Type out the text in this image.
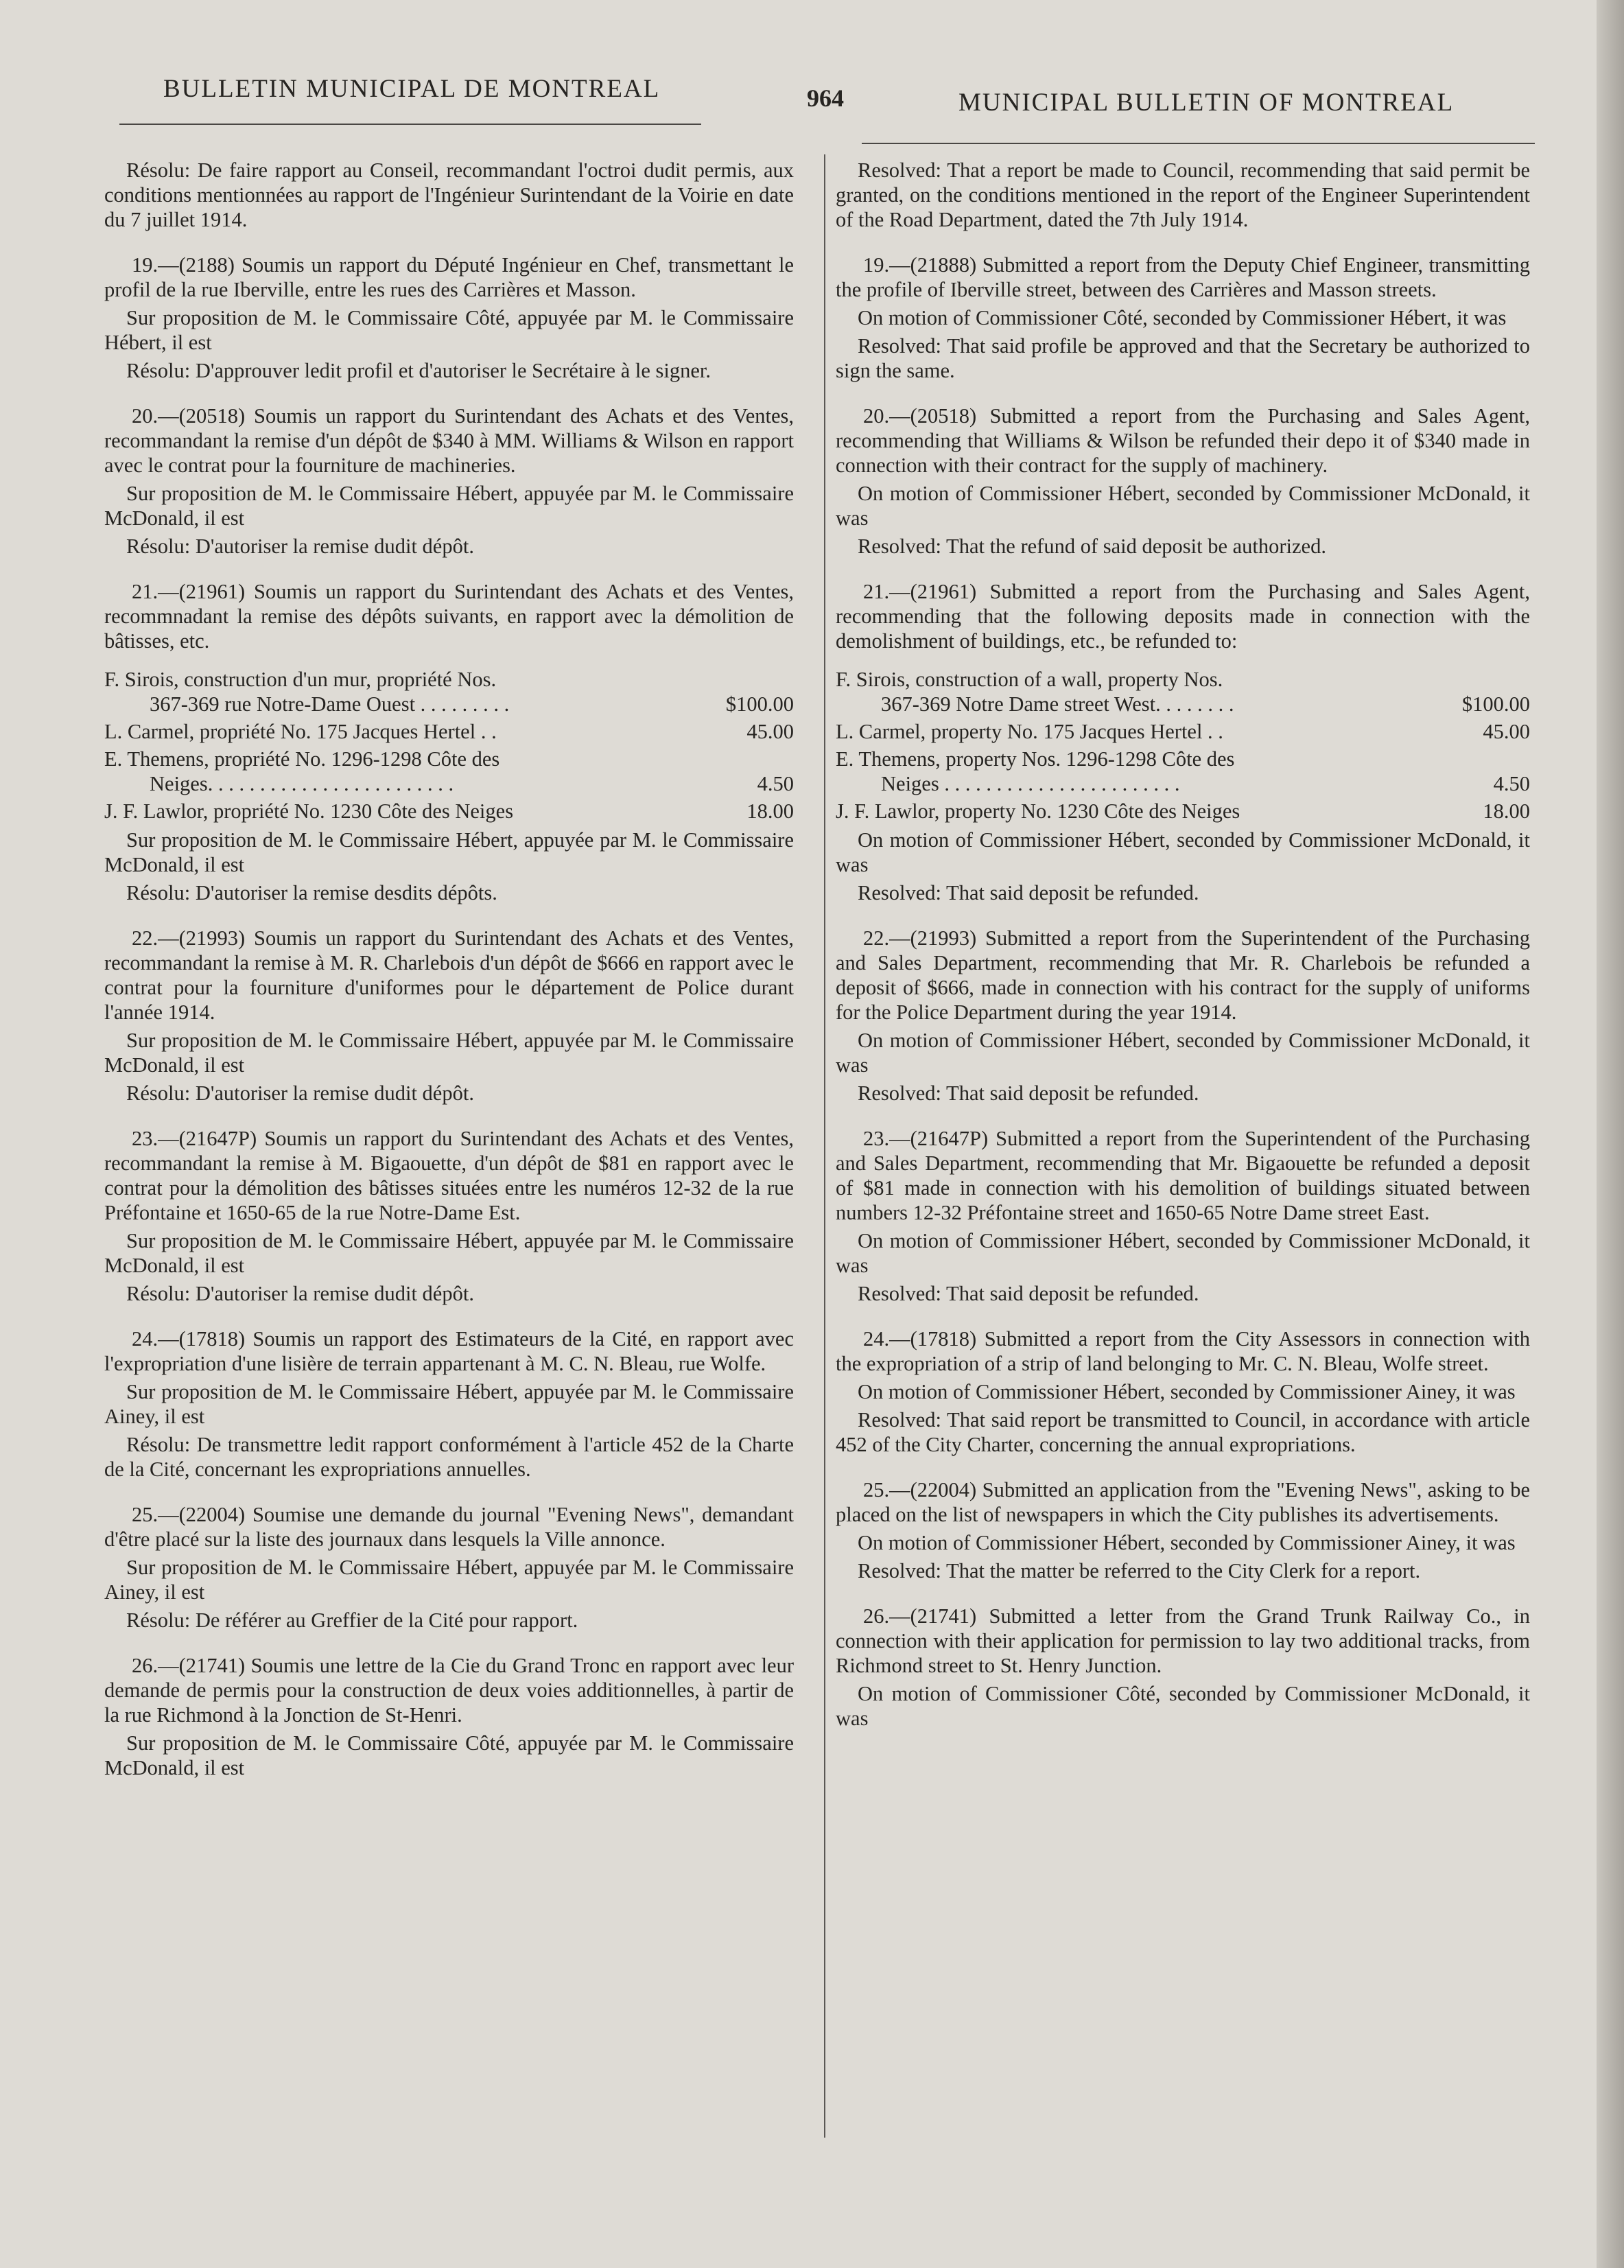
BULLETIN MUNICIPAL DE MONTREAL	964	MUNICIPAL BULLETIN OF MONTREAL

Résolu: De faire rapport au Conseil, recommandant l'octroi dudit permis, aux conditions mentionnées au rapport de l'Ingénieur Surintendant de la Voirie en date du 7 juillet 1914.

19.—(2188) Soumis un rapport du Député Ingénieur en Chef, transmettant le profil de la rue Iberville, entre les rues des Carrières et Masson.

Sur proposition de M. le Commissaire Côté, appuyée par M. le Commissaire Hébert, il est

Résolu: D'approuver ledit profil et d'autoriser le Secrétaire à le signer.

20.—(20518) Soumis un rapport du Surintendant des Achats et des Ventes, recommandant la remise d'un dépôt de $340 à MM. Williams & Wilson en rapport avec le contrat pour la fourniture de machineries.

Sur proposition de M. le Commissaire Hébert, appuyée par M. le Commissaire McDonald, il est

Résolu: D'autoriser la remise dudit dépôt.

21.—(21961) Soumis un rapport du Surintendant des Achats et des Ventes, recommnadant la remise des dépôts suivants, en rapport avec la démolition de bâtisses, etc.

F. Sirois, construction d'un mur, propriété Nos.
367-369 rue Notre-Dame Ouest . . . . . . . . .	$100.00
L. Carmel, propriété No. 175 Jacques Hertel . .	45.00
E. Themens, propriété No. 1296-1298 Côte des
Neiges. . . . . . . . . . . . . . . . . . . . . . . .	4.50
J. F. Lawlor, propriété No. 1230 Côte des Neiges	18.00

Sur proposition de M. le Commissaire Hébert, appuyée par M. le Commissaire McDonald, il est

Résolu: D'autoriser la remise desdits dépôts.

22.—(21993) Soumis un rapport du Surintendant des Achats et des Ventes, recommandant la remise à M. R. Charlebois d'un dépôt de $666 en rapport avec le contrat pour la fourniture d'uniformes pour le département de Police durant l'année 1914.

Sur proposition de M. le Commissaire Hébert, appuyée par M. le Commissaire McDonald, il est

Résolu: D'autoriser la remise dudit dépôt.

23.—(21647P) Soumis un rapport du Surintendant des Achats et des Ventes, recommandant la remise à M. Bigaouette, d'un dépôt de $81 en rapport avec le contrat pour la démolition des bâtisses situées entre les numéros 12-32 de la rue Préfontaine et 1650-65 de la rue Notre-Dame Est.

Sur proposition de M. le Commissaire Hébert, appuyée par M. le Commissaire McDonald, il est

Résolu: D'autoriser la remise dudit dépôt.

24.—(17818) Soumis un rapport des Estimateurs de la Cité, en rapport avec l'expropriation d'une lisière de terrain appartenant à M. C. N. Bleau, rue Wolfe.

Sur proposition de M. le Commissaire Hébert, appuyée par M. le Commissaire Ainey, il est

Résolu: De transmettre ledit rapport conformément à l'article 452 de la Charte de la Cité, concernant les expropriations annuelles.

25.—(22004) Soumise une demande du journal "Evening News", demandant d'être placé sur la liste des journaux dans lesquels la Ville annonce.

Sur proposition de M. le Commissaire Hébert, appuyée par M. le Commissaire Ainey, il est

Résolu: De référer au Greffier de la Cité pour rapport.

26.—(21741) Soumis une lettre de la Cie du Grand Tronc en rapport avec leur demande de permis pour la construction de deux voies additionnelles, à partir de la rue Richmond à la Jonction de St-Henri.

Sur proposition de M. le Commissaire Côté, appuyée par M. le Commissaire McDonald, il est

Resolved: That a report be made to Council, recommending that said permit be granted, on the conditions mentioned in the report of the Engineer Superintendent of the Road Department, dated the 7th July 1914.

19.—(21888) Submitted a report from the Deputy Chief Engineer, transmitting the profile of Iberville street, between des Carrières and Masson streets.

On motion of Commissioner Côté, seconded by Commissioner Hébert, it was

Resolved: That said profile be approved and that the Secretary be authorized to sign the same.

20.—(20518) Submitted a report from the Purchasing and Sales Agent, recommending that Williams & Wilson be refunded their depo it of $340 made in connection with their contract for the supply of machinery.

On motion of Commissioner Hébert, seconded by Commissioner McDonald, it was

Resolved: That the refund of said deposit be authorized.

21.—(21961) Submitted a report from the Purchasing and Sales Agent, recommending that the following deposits made in connection with the demolishment of buildings, etc., be refunded to:

F. Sirois, construction of a wall, property Nos.
367-369 Notre Dame street West. . . . . . . .	$100.00
L. Carmel, property No. 175 Jacques Hertel . .	45.00
E. Themens, property Nos. 1296-1298 Côte des
Neiges . . . . . . . . . . . . . . . . . . . . . . .	4.50
J. F. Lawlor, property No. 1230 Côte des Neiges	18.00

On motion of Commissioner Hébert, seconded by Commissioner McDonald, it was

Resolved: That said deposit be refunded.

22.—(21993) Submitted a report from the Superintendent of the Purchasing and Sales Department, recommending that Mr. R. Charlebois be refunded a deposit of $666, made in connection with his contract for the supply of uniforms for the Police Department during the year 1914.

On motion of Commissioner Hébert, seconded by Commissioner McDonald, it was

Resolved: That said deposit be refunded.

23.—(21647P) Submitted a report from the Superintendent of the Purchasing and Sales Department, recommending that Mr. Bigaouette be refunded a deposit of $81 made in connection with his demolition of buildings situated between numbers 12-32 Préfontaine street and 1650-65 Notre Dame street East.

On motion of Commissioner Hébert, seconded by Commissioner McDonald, it was

Resolved: That said deposit be refunded.

24.—(17818) Submitted a report from the City Assessors in connection with the expropriation of a strip of land belonging to Mr. C. N. Bleau, Wolfe street.

On motion of Commissioner Hébert, seconded by Commissioner Ainey, it was

Resolved: That said report be transmitted to Council, in accordance with article 452 of the City Charter, concerning the annual expropriations.

25.—(22004) Submitted an application from the "Evening News", asking to be placed on the list of newspapers in which the City publishes its advertisements.

On motion of Commissioner Hébert, seconded by Commissioner Ainey, it was

Resolved: That the matter be referred to the City Clerk for a report.

26.—(21741) Submitted a letter from the Grand Trunk Railway Co., in connection with their application for permission to lay two additional tracks, from Richmond street to St. Henry Junction.

On motion of Commissioner Côté, seconded by Commissioner McDonald, it was
